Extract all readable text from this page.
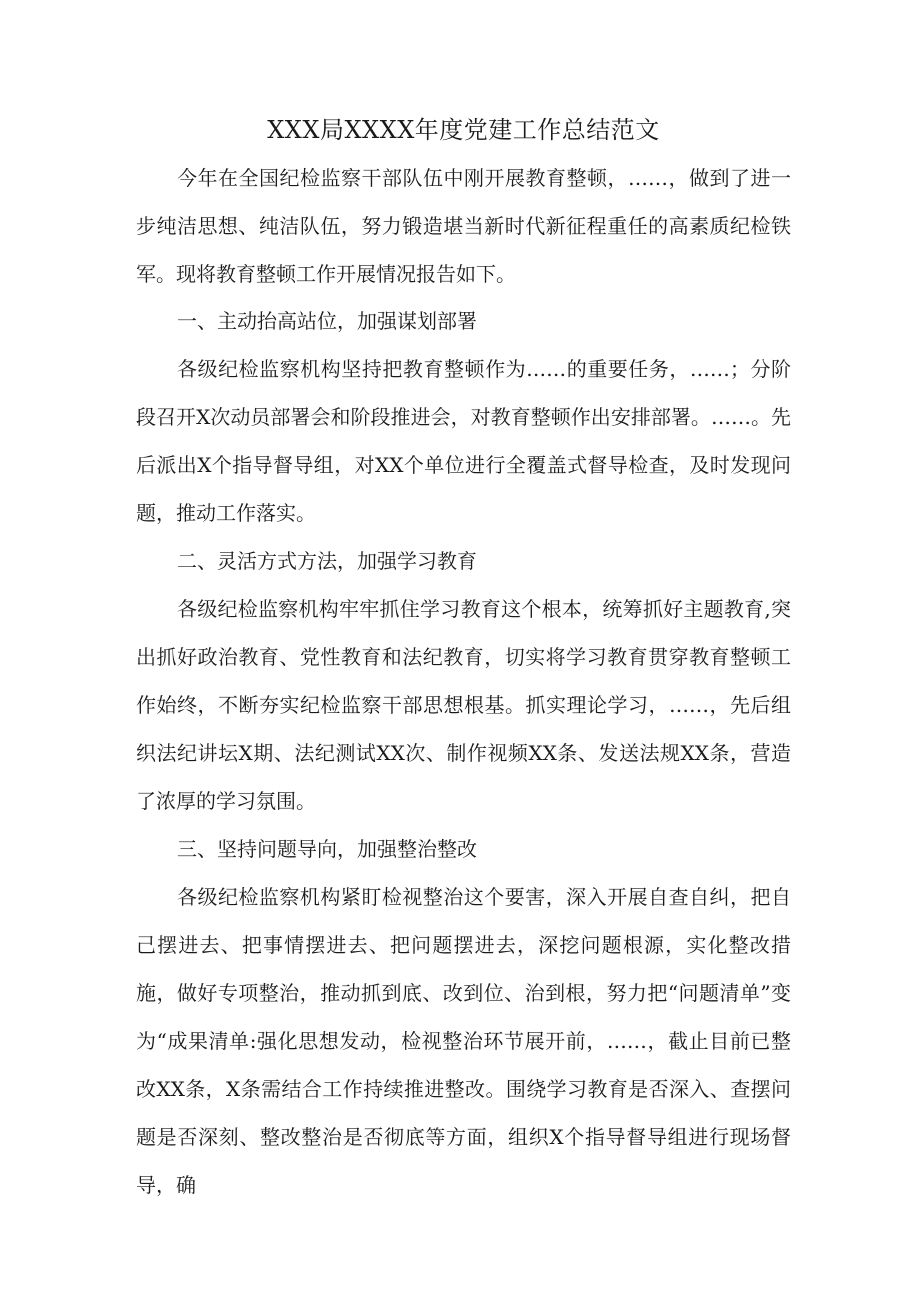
XXX局XXXX年度党建工作总结范文

今年在全国纪检监察干部队伍中刚开展教育整顿，……，做到了进一步纯洁思想、纯洁队伍，努力锻造堪当新时代新征程重任的高素质纪检铁军。现将教育整顿工作开展情况报告如下。

一、主动抬高站位，加强谋划部署

各级纪检监察机构坚持把教育整顿作为……的重要任务，……；分阶段召开X次动员部署会和阶段推进会，对教育整顿作出安排部署。……。先后派出X个指导督导组，对XX个单位进行全覆盖式督导检查，及时发现问题，推动工作落实。

二、灵活方式方法，加强学习教育

各级纪检监察机构牢牢抓住学习教育这个根本，统筹抓好主题教育,突出抓好政治教育、党性教育和法纪教育，切实将学习教育贯穿教育整顿工作始终，不断夯实纪检监察干部思想根基。抓实理论学习，……，先后组织法纪讲坛X期、法纪测试XX次、制作视频XX条、发送法规XX条，营造了浓厚的学习氛围。

三、坚持问题导向，加强整治整改

各级纪检监察机构紧盯检视整治这个要害，深入开展自查自纠，把自己摆进去、把事情摆进去、把问题摆进去，深挖问题根源，实化整改措施，做好专项整治，推动抓到底、改到位、治到根，努力把“问题清单”变为“成果清单:强化思想发动，检视整治环节展开前，……，截止目前已整改XX条，X条需结合工作持续推进整改。围绕学习教育是否深入、查摆问题是否深刻、整改整治是否彻底等方面，组织X个指导督导组进行现场督导，确
